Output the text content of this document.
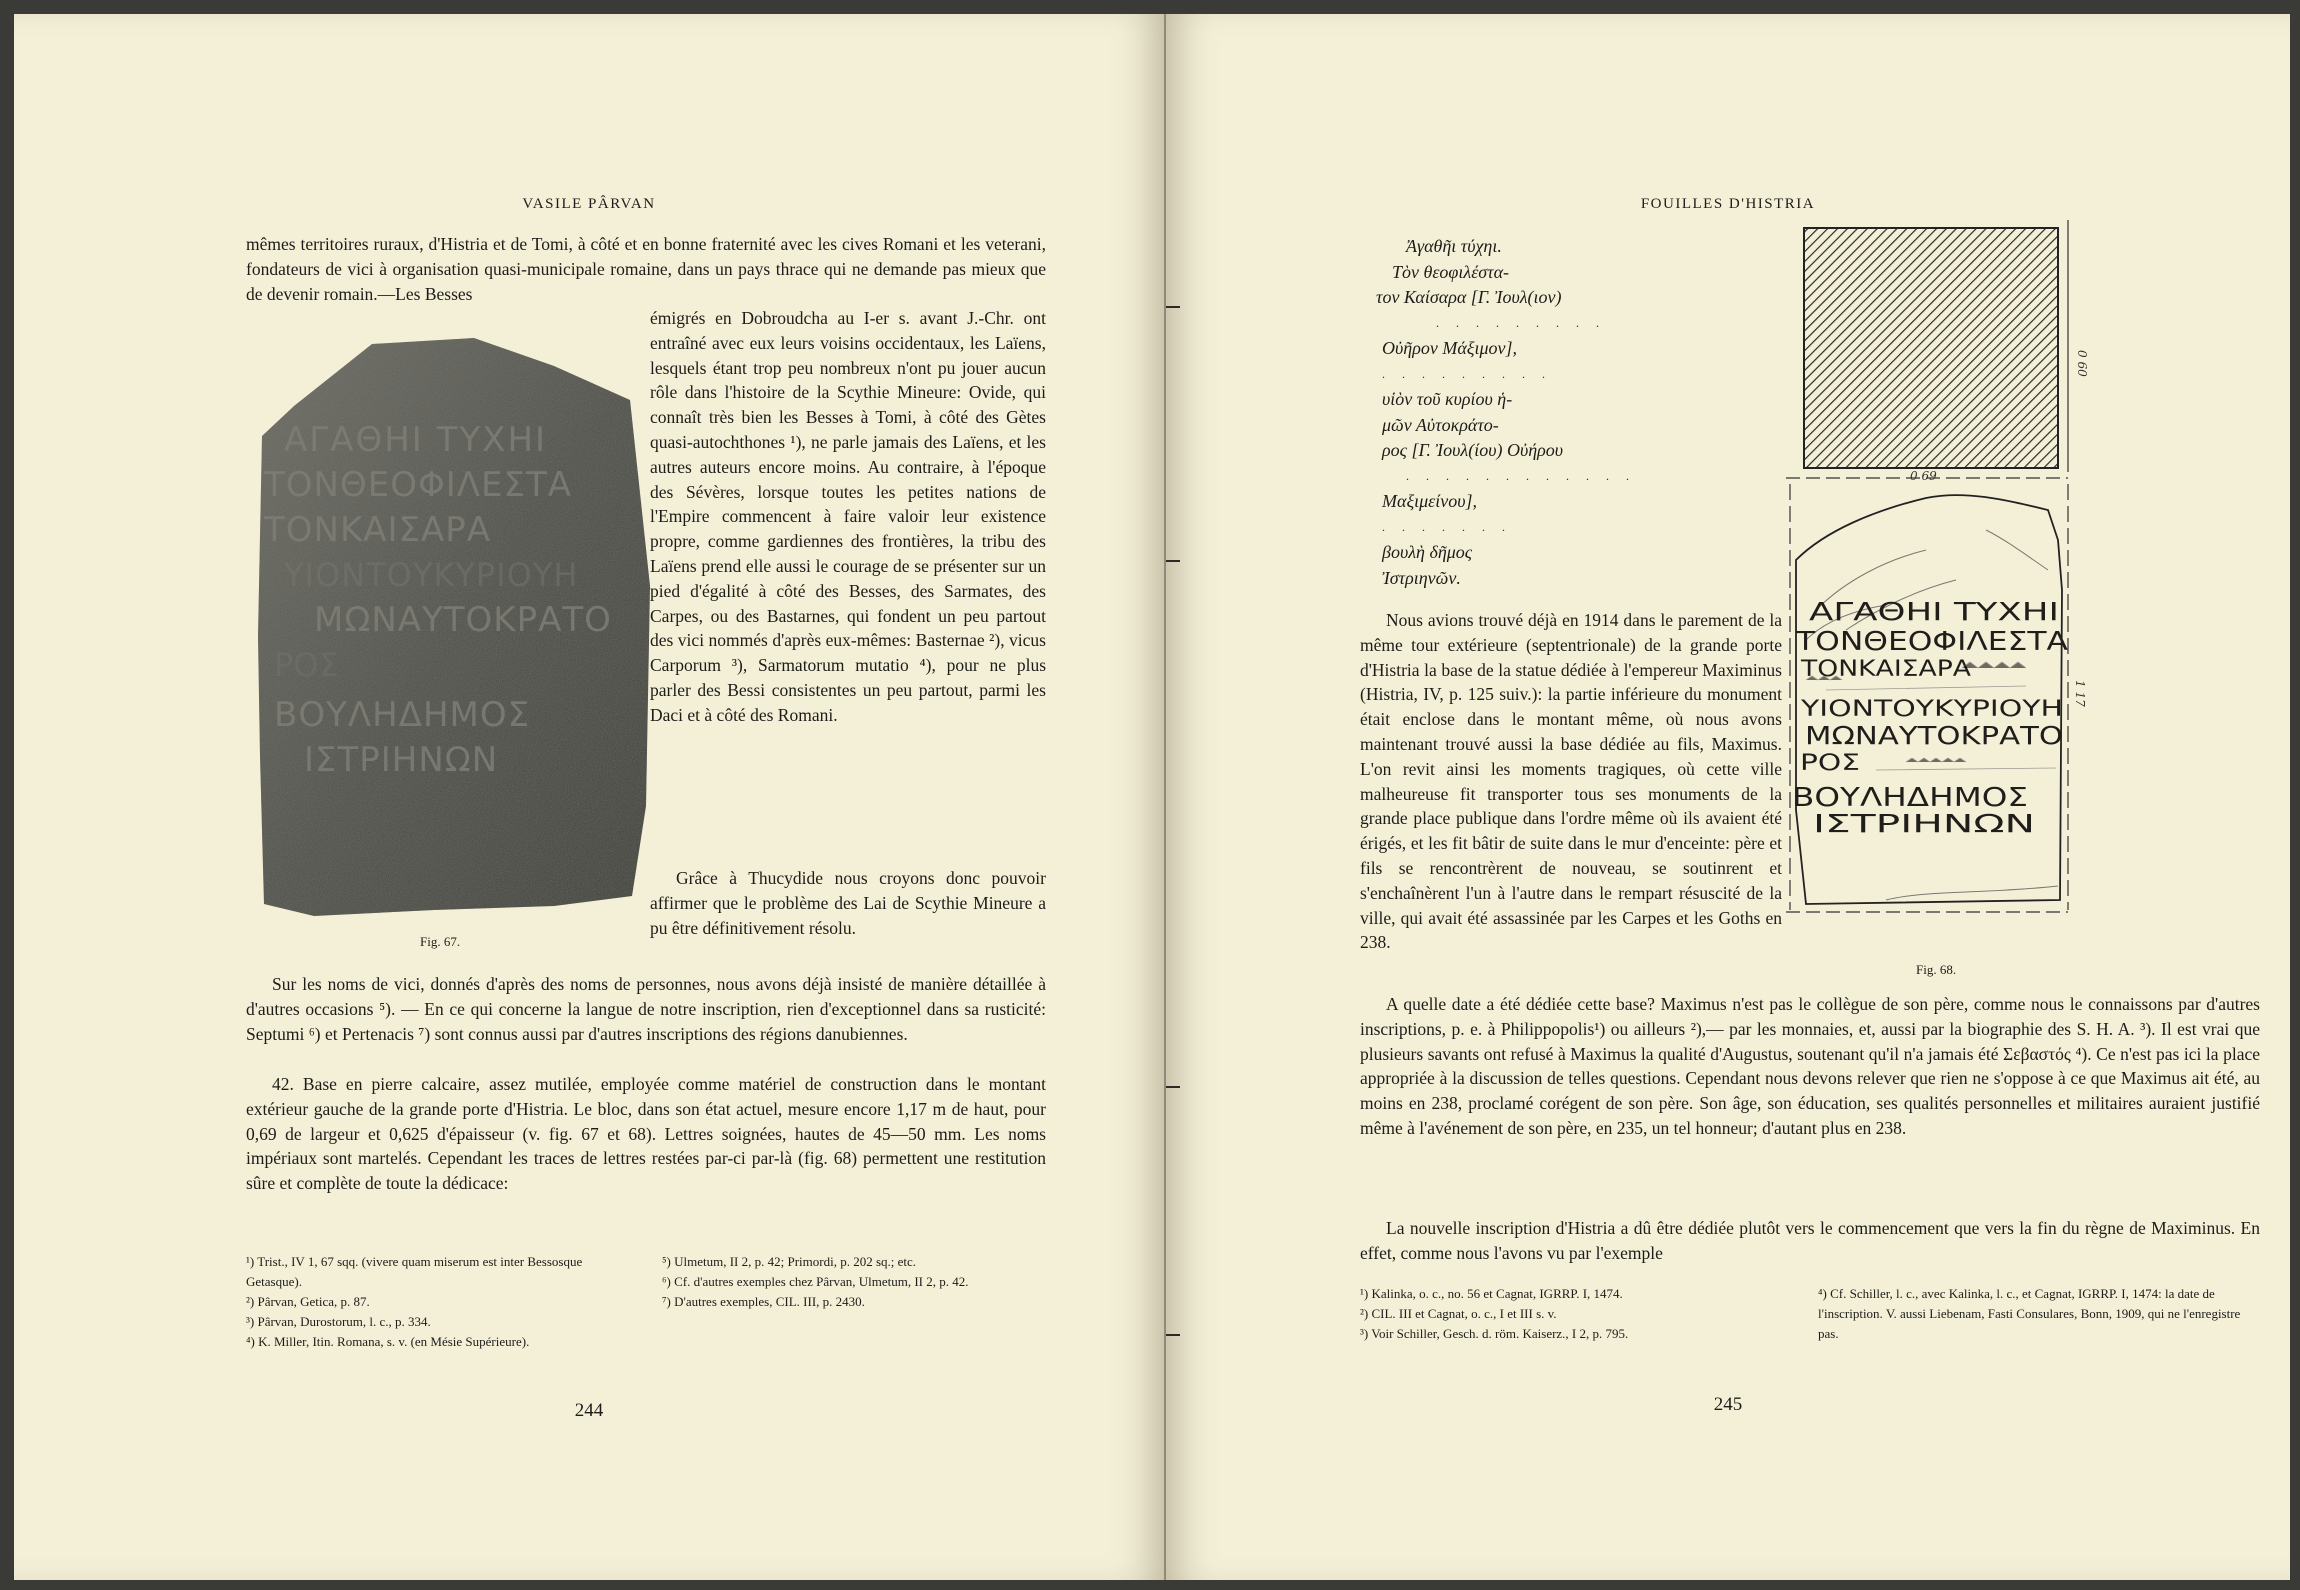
VASILE PÂRVAN

mêmes territoires ruraux, d'Histria et de Tomi, à côté et en bonne fraternité avec les cives Romani et les veterani, fondateurs de vici à organisation quasi-municipale romaine, dans un pays thrace qui ne demande pas mieux que de devenir romain.—Les Besses

émigrés en Dobroudcha au I-er s. avant J.-Chr. ont entraîné avec eux leurs voisins occidentaux, les Laïens, lesquels étant trop peu nombreux n'ont pu jouer aucun rôle dans l'histoire de la Scythie Mineure: Ovide, qui connaît très bien les Besses à Tomi, à côté des Gètes quasi-autochthones ¹), ne parle jamais des Laïens, et les autres auteurs encore moins. Au contraire, à l'époque des Sévères, lorsque toutes les petites nations de l'Empire commencent à faire valoir leur existence propre, comme gardiennes des frontières, la tribu des Laïens prend elle aussi le courage de se présenter sur un pied d'égalité à côté des Besses, des Sarmates, des Carpes, ou des Bastarnes, qui fondent un peu partout des vici nommés d'après eux-mêmes: Basternae ²), vicus Carporum ³), Sarmatorum mutatio ⁴), pour ne plus parler des Bessi consistentes un peu partout, parmi les Daci et à côté des Romani.

Grâce à Thucydide nous croyons donc pouvoir affirmer que le problème des Lai de Scythie Mineure a pu être définitivement résolu.

ΑΓΑΘΗΙ ΤΥΧΗΙ
ΤΟΝΘΕΟΦΙΛΕΣΤΑ
ΤΟΝΚΑΙΣΑΡΑ
ΥΙΟΝΤΟΥΚΥΡΙΟΥΗ
ΜΩΝΑΥΤΟΚΡΑΤΟ
ΡΟΣ
ΒΟΥΛΗΔΗΜΟΣ
ΙΣΤΡΙΗΝΩΝ
Fig. 67.

Sur les noms de vici, donnés d'après des noms de personnes, nous avons déjà insisté de manière détaillée à d'autres occasions ⁵). — En ce qui concerne la langue de notre inscription, rien d'exceptionnel dans sa rusticité: Septumi ⁶) et Pertenacis ⁷) sont connus aussi par d'autres inscriptions des régions danubiennes.

42. Base en pierre calcaire, assez mutilée, employée comme matériel de construction dans le montant extérieur gauche de la grande porte d'Histria. Le bloc, dans son état actuel, mesure encore 1,17 m de haut, pour 0,69 de largeur et 0,625 d'épaisseur (v. fig. 67 et 68). Lettres soignées, hautes de 45—50 mm. Les noms impériaux sont martelés. Cependant les traces de lettres restées par-ci par-là (fig. 68) permettent une restitution sûre et complète de toute la dédicace:

¹) Trist., IV 1, 67 sqq. (vivere quam miserum est inter Bessosque Getasque).

²) Pârvan, Getica, p. 87.

³) Pârvan, Durostorum, l. c., p. 334.

⁴) K. Miller, Itin. Romana, s. v. (en Mésie Supérieure).

⁵) Ulmetum, II 2, p. 42; Primordi, p. 202 sq.; etc.

⁶) Cf. d'autres exemples chez Pârvan, Ulmetum, II 2, p. 42.

⁷) D'autres exemples, CIL. III, p. 2430.

244
FOUILLES D'HISTRIA
Ἀγαθῆι τύχηι.
Τὸν θεοφιλέστα-
τον Καίσαρα [Γ. Ἰουλ(ιον)
. . . . . . . . .
Οὐῆρον Μάξιμον],
. . . . . . . . .
υἱὸν τοῦ κυρίου ἡ-
μῶν Αὐτοκράτο-
ρος [Γ. Ἰουλ(ίου) Οὐήρου
. . . . . . . . . . . .
Μαξιμείνου],
. . . . . . .
βουλὴ δῆμος
Ἰστριηνῶν.

Nous avions trouvé déjà en 1914 dans le parement de la même tour extérieure (septentrionale) de la grande porte d'Histria la base de la statue dédiée à l'empereur Maximinus (Histria, IV, p. 125 suiv.): la partie inférieure du monument était enclose dans le montant même, où nous avons maintenant trouvé aussi la base dédiée au fils, Maximus. L'on revit ainsi les moments tragiques, où cette ville malheureuse fit transporter tous ses monuments de la grande place publique dans l'ordre même où ils avaient été érigés, et les fit bâtir de suite dans le mur d'enceinte: père et fils se rencontrèrent de nouveau, se soutinrent et s'enchaînèrent l'un à l'autre dans le rempart résuscité de la ville, qui avait été assassinée par les Carpes et les Goths en 238.

A quelle date a été dédiée cette base? Maximus n'est pas le collègue de son père, comme nous le connaissons par d'autres inscriptions, p. e. à Philippopolis¹) ou ailleurs ²),— par les monnaies, et, aussi par la biographie des S. H. A. ³). Il est vrai que plusieurs savants ont refusé à Maximus la qualité d'Augustus, soutenant qu'il n'a jamais été Σεβαστός ⁴). Ce n'est pas ici la place appropriée à la discussion de telles questions. Cependant nous devons relever que rien ne s'oppose à ce que Maximus ait été, au moins en 238, proclamé corégent de son père. Son âge, son éducation, ses qualités personnelles et militaires auraient justifié même à l'avénement de son père, en 235, un tel honneur; d'autant plus en 238.

La nouvelle inscription d'Histria a dû être dédiée plutôt vers le commencement que vers la fin du règne de Maximinus. En effet, comme nous l'avons vu par l'exemple

¹) Kalinka, o. c., no. 56 et Cagnat, IGRRP. I, 1474.

²) CIL. III et Cagnat, o. c., I et III s. v.

³) Voir Schiller, Gesch. d. röm. Kaiserz., I 2, p. 795.

⁴) Cf. Schiller, l. c., avec Kalinka, l. c., et Cagnat, IGRRP. I, 1474: la date de l'inscription. V. aussi Liebenam, Fasti Consulares, Bonn, 1909, qui ne l'enregistre pas.

245
0 60
0 69
1 17
ΑΓΑΘΗΙ ΤΥΧΗΙ
ΤΟΝΘΕΟΦΙΛΕΣΤΑ
ΤΟΝΚΑΙΣΑΡΑ
ΥΙΟΝΤΟΥΚΥΡΙΟΥΗ
ΜΩΝΑΥΤΟΚΡΑΤΟ
ΡΟΣ
ΒΟΥΛΗΔΗΜΟΣ
ΙΣΤΡΙΗΝΩΝ
Fig. 68.
